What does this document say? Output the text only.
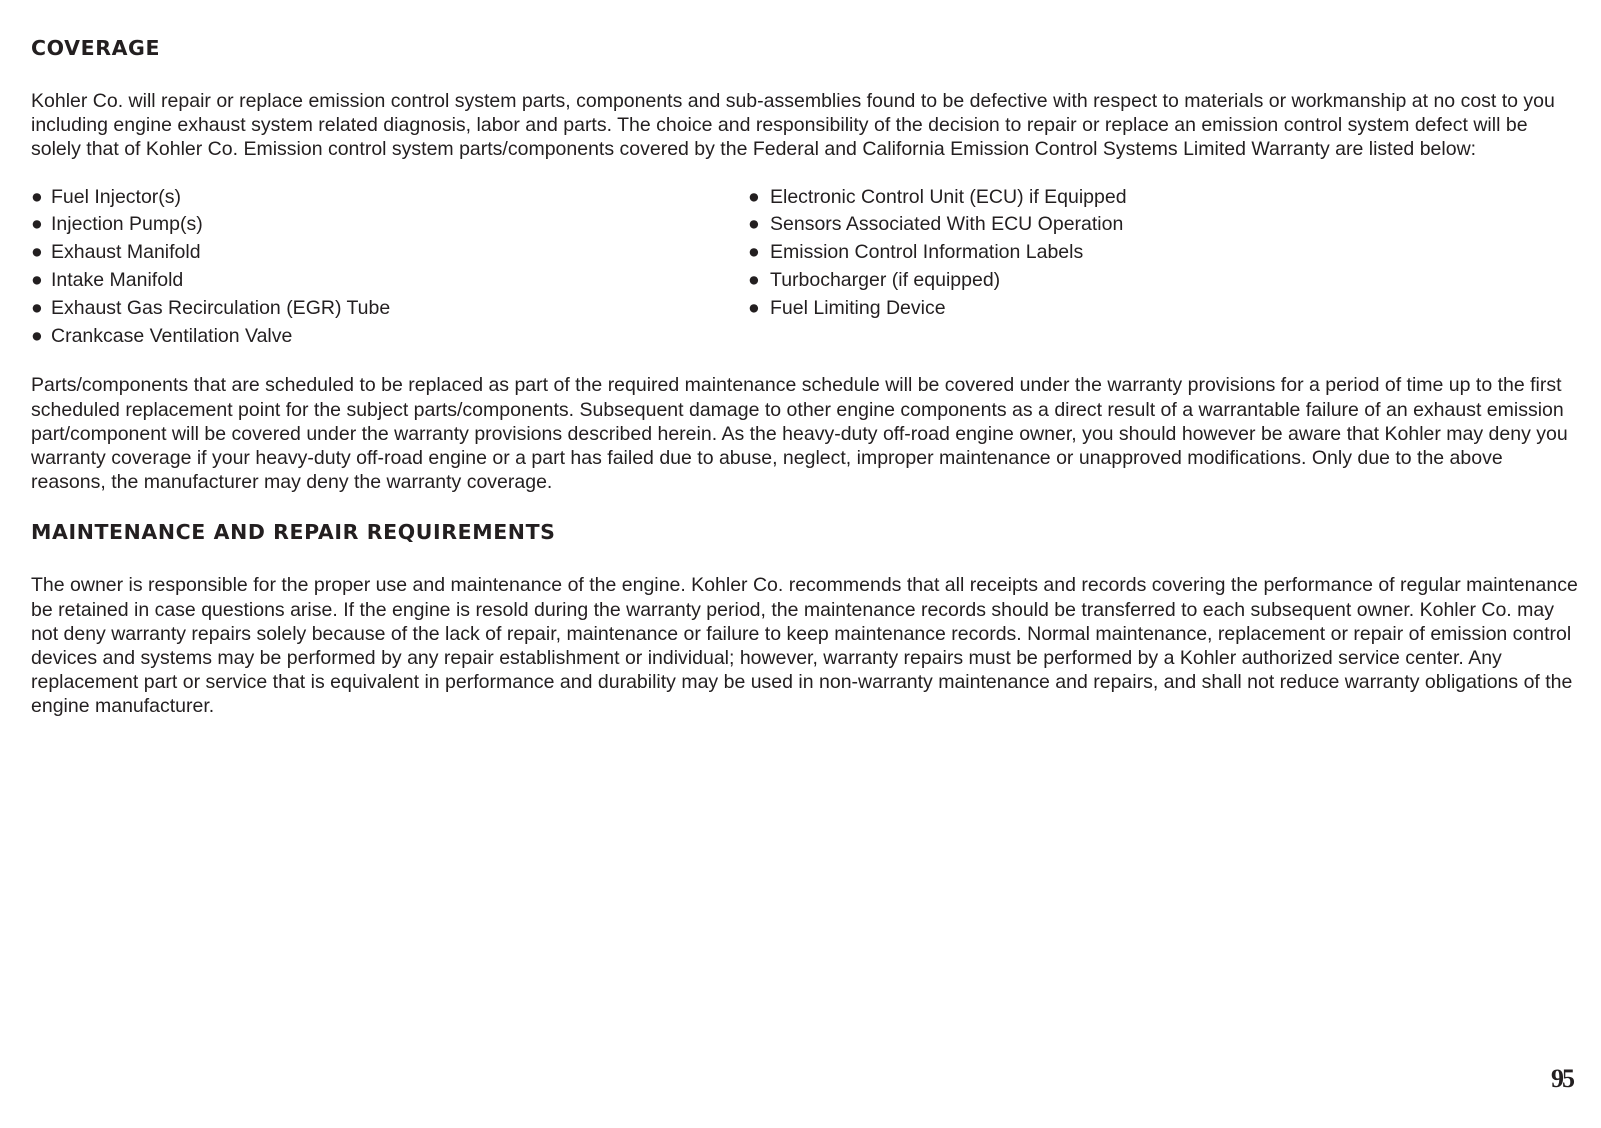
COVERAGE

Kohler Co. will repair or replace emission control system parts, components and sub-assemblies found to be defective with respect to materials or workmanship at no cost to you including engine exhaust system related diagnosis, labor and parts. The choice and responsibility of the decision to repair or replace an emission control system defect will be solely that of Kohler Co. Emission control system parts/components covered by the Federal and California Emission Control Systems Limited Warranty are listed below:

● Fuel Injector(s)
● Injection Pump(s)
● Exhaust Manifold
● Intake Manifold
● Exhaust Gas Recirculation (EGR) Tube
● Crankcase Ventilation Valve
● Electronic Control Unit (ECU) if Equipped
● Sensors Associated With ECU Operation
● Emission Control Information Labels
● Turbocharger (if equipped)
● Fuel Limiting Device

Parts/components that are scheduled to be replaced as part of the required maintenance schedule will be covered under the warranty provisions for a period of time up to the first scheduled replacement point for the subject parts/components. Subsequent damage to other engine components as a direct result of a warrantable failure of an exhaust emission part/component will be covered under the warranty provisions described herein. As the heavy-duty off-road engine owner, you should however be aware that Kohler may deny you warranty coverage if your heavy-duty off-road engine or a part has failed due to abuse, neglect, improper maintenance or unapproved modifications. Only due to the above reasons, the manufacturer may deny the warranty coverage.

MAINTENANCE AND REPAIR REQUIREMENTS

The owner is responsible for the proper use and maintenance of the engine. Kohler Co. recommends that all receipts and records covering the performance of regular maintenance be retained in case questions arise. If the engine is resold during the warranty period, the maintenance records should be transferred to each subsequent owner. Kohler Co. may not deny warranty repairs solely because of the lack of repair, maintenance or failure to keep maintenance records. Normal maintenance, replacement or repair of emission control devices and systems may be performed by any repair establishment or individual; however, warranty repairs must be performed by a Kohler authorized service center. Any replacement part or service that is equivalent in performance and durability may be used in non-warranty maintenance and repairs, and shall not reduce warranty obligations of the engine manufacturer.

95
